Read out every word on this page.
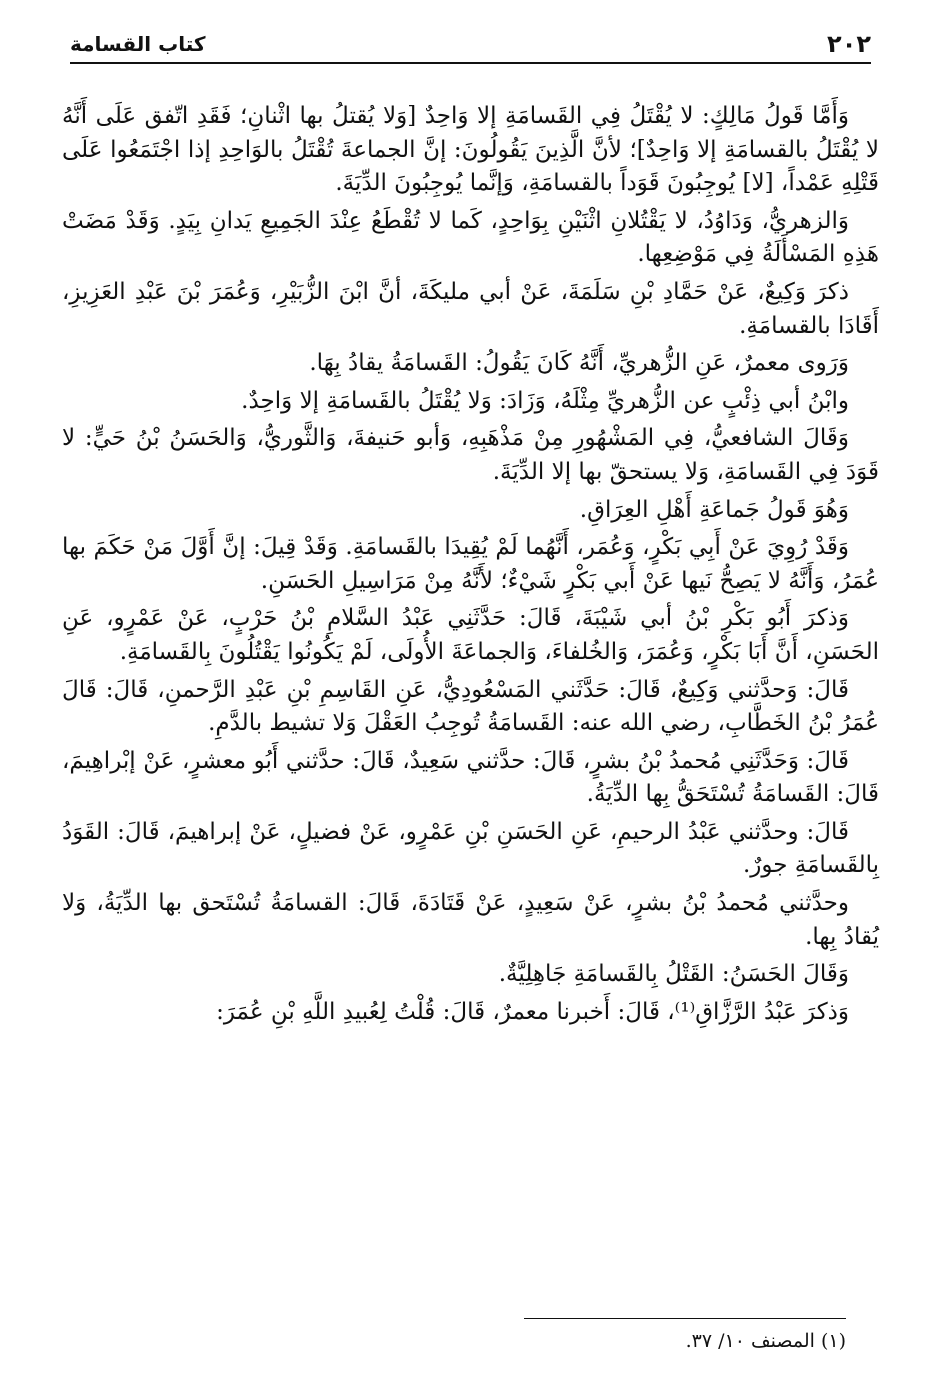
٢٠٢
كتاب القسامة

وَأَمَّا قَولُ مَالِكٍ: لا يُقْتَلُ فِي القَسامَةِ إلا وَاحِدٌ [وَلا يُقتلُ بها اثْنانِ؛ فَقَدِ اتّفق عَلَى أَنَّهُ لا يُقْتَلُ بالقسامَةِ إلا وَاحِدٌ]؛ لأنَّ الَّذِينَ يَقُولُونَ: إنَّ الجماعةَ تُقْتَلُ بالوَاحِدِ إذا اجْتَمَعُوا عَلَى قَتْلِهِ عَمْداً، [لا] يُوجِبُونَ قَوَداً بالقسامَةِ، وَإنَّما يُوجِبُونَ الدِّيَةَ.

وَالزهريُّ، وَدَاوُدُ، لا يَقْتُلانِ اثْنَيْنِ بِوَاحِدٍ، كَما لا تُقْطَعُ عِنْدَ الجَمِيعِ يَدانِ بِيَدٍ. وَقَدْ مَضَتْ هَذِهِ المَسْأَلَةُ فِي مَوْضِعِها.

ذكرَ وَكِيعٌ، عَنْ حَمَّادِ بْنِ سَلَمَةَ، عَنْ أبي مليكَةَ، أنَّ ابْنَ الزُّبَيْرِ، وَعُمَرَ بْنَ عَبْدِ العَزِيزِ، أَقَادَا بالقسامَةِ.

وَرَوى معمرٌ، عَنِ الزُّهريِّ، أَنَّهُ كَانَ يَقُولُ: القَسامَةُ يقادُ بِهَا.

وابْنُ أبي ذِئْبٍ عن الزُّهريِّ مِثْلَهُ، وَزَادَ: وَلا يُقْتَلُ بالقَسامَةِ إلا وَاحِدٌ.

وَقَالَ الشافعيُّ، فِي المَشْهُورِ مِنْ مَذْهَبِهِ، وَأبو حَنيفةَ، وَالثَّوريُّ، وَالحَسَنُ بْنُ حَيٍّ: لا قَوَدَ فِي القَسامَةِ، وَلا يستحقّ بها إلا الدِّيَةَ.

وَهُوَ قَولُ جَماعَةِ أَهْلِ العِرَاقِ.

وَقَدْ رُوِيَ عَنْ أَبِي بَكْرٍ، وَعُمَر، أَنَّهُما لَمْ يُقِيدَا بالقَسامَةِ. وَقَدْ قِيلَ: إنَّ أَوَّلَ مَنْ حَكَمَ بها عُمَرُ، وَأَنَّهُ لا يَصِحُّ نَيها عَنْ أَبي بَكْرٍ شَيْءٌ؛ لأَنَّهُ مِنْ مَرَاسِيلِ الحَسَنِ.

وَذكرَ أَبُو بَكْرِ بْنُ أبي شَيْبَةَ، قَالَ: حَدَّثَنِي عَبْدُ السَّلامِ بْنُ حَرْبٍ، عَنْ عَمْرٍو، عَنِ الحَسَنِ، أَنَّ أَبَا بَكْرٍ، وَعُمَرَ، وَالخُلفاءَ، وَالجماعَةَ الأُولَى، لَمْ يَكُونُوا يَقْتُلُونَ بِالقَسامَةِ.

قَالَ: وَحدَّثني وَكِيعٌ، قَالَ: حَدَّثَني المَسْعُودِيُّ، عَنِ القَاسِمِ بْنِ عَبْدِ الرَّحمنِ، قَالَ: قَالَ عُمَرُ بْنُ الخَطَّابِ، رضي الله عنه: القَسامَةُ تُوجِبُ العَقْلَ وَلا تشيط بالدَّمِ.

قَالَ: وَحَدَّثَنِي مُحمدُ بْنُ بشرٍ، قَالَ: حدَّثني سَعِيدٌ، قَالَ: حدَّثني أَبُو معشرٍ، عَنْ إبْراهِيمَ، قَالَ: القَسامَةُ تُسْتَحَقُّ بِها الدِّيَةُ.

قَالَ: وحدَّثني عَبْدُ الرحيمِ، عَنِ الحَسَنِ بْنِ عَمْرٍو، عَنْ فضيلٍ، عَنْ إبراهيمَ، قَالَ: القَوَدُ بِالقَسامَةِ جورٌ.

وحدَّثني مُحمدُ بْنُ بشرٍ، عَنْ سَعِيدٍ، عَنْ قَتَادَةَ، قَالَ: القسامَةُ تُسْتَحق بها الدِّيَةُ، وَلا يُقادُ بِها.

وَقَالَ الحَسَنُ: القَتْلُ بِالقَسامَةِ جَاهِلِيَّةٌ.

وَذكرَ عَبْدُ الرَّزَّاقِ⁽¹⁾، قَالَ: أَخبرنا معمرٌ، قَالَ: قُلْتُ لِعُبيدِ اللَّهِ بْنِ عُمَرَ:

(١) المصنف ١٠/ ٣٧.
